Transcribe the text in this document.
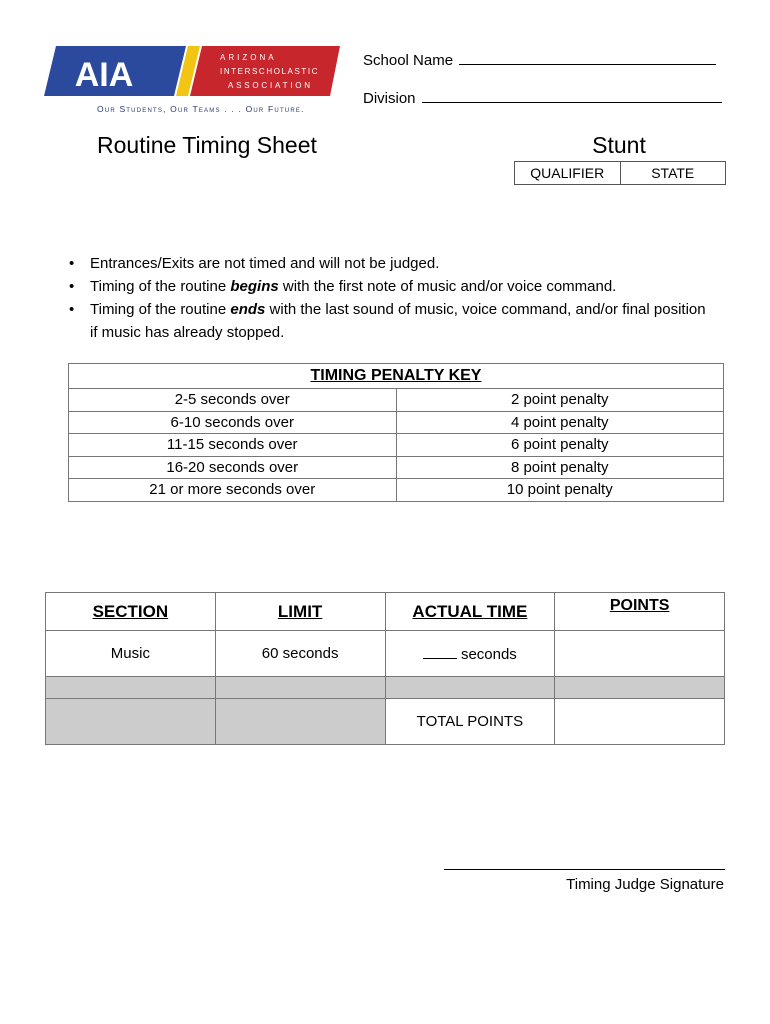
AIA	ARIZONA
INTERSCHOLASTIC
ASSOCIATION
Our Students, Our Teams . . . Our Future.
School Name
Division
Routine Timing Sheet	Stunt
QUALIFIER	STATE
• Entrances/Exits are not timed and will not be judged.
• Timing of the routine begins with the first note of music and/or voice command.
• Timing of the routine ends with the last sound of music, voice command, and/or final position if music has already stopped.
TIMING PENALTY KEY	
2-5 seconds over	2 point penalty
6-10 seconds over	4 point penalty
11-15 seconds over	6 point penalty
16-20 seconds over	8 point penalty
21 or more seconds over	10 point penalty
SECTION	LIMIT	ACTUAL TIME	POINTS
Music	60 seconds	seconds	

		TOTAL POINTS	
Timing Judge Signature
